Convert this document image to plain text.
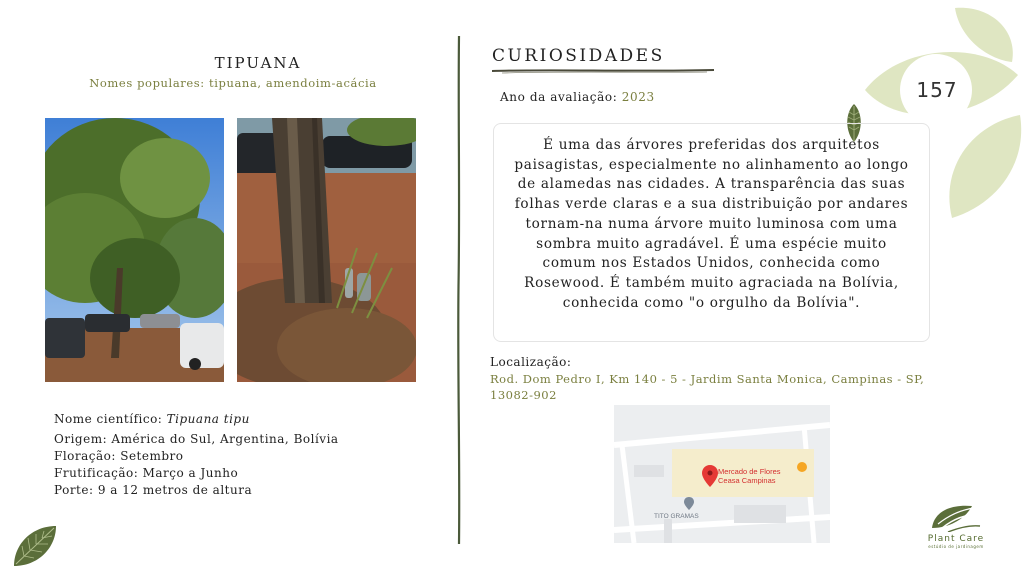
157
TIPUANA
Nomes populares: tipuana, amendoim-acácia
Nome científico: Tipuana tipu
Origem: América do Sul, Argentina, Bolívia
Floração: Setembro
Frutificação: Março a Junho
Porte: 9 a 12 metros de altura
CURIOSIDADES
Ano da avaliação: 2023
É uma das árvores preferidas dos arquitetos paisagistas, especialmente no alinhamento ao longo de alamedas nas cidades. A transparência das suas folhas verde claras e a sua distribuição por andares tornam-na numa árvore muito luminosa com uma sombra muito agradável. É uma espécie muito comum nos Estados Unidos, conhecida como Rosewood. É também muito agraciada na Bolívia, conhecida como "o orgulho da Bolívia".
Localização:
Rod. Dom Pedro I, Km 140 - 5 - Jardim Santa Monica, Campinas - SP, 13082-902
Mercado de Flores
Ceasa Campinas
TITO GRAMAS
Plant Care
estúdio de jardinagem
